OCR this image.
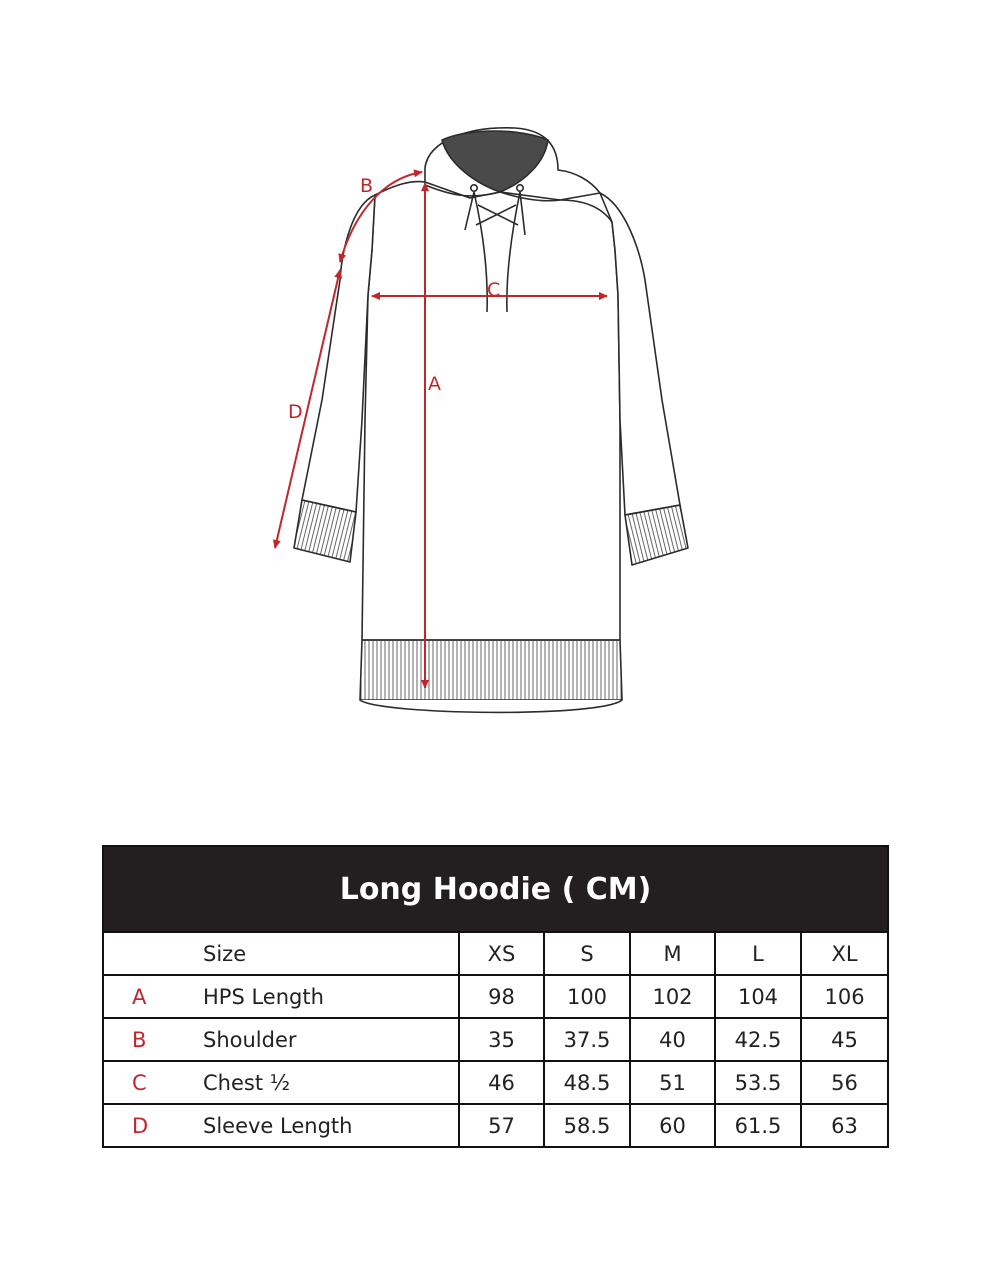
B
C
A
D
Long Hoodie ( CM)						
	Size	XS	S	M	L	XL
A	HPS Length	98	100	102	104	106
B	Shoulder	35	37.5	40	42.5	45
C	Chest ½	46	48.5	51	53.5	56
D	Sleeve Length	57	58.5	60	61.5	63
